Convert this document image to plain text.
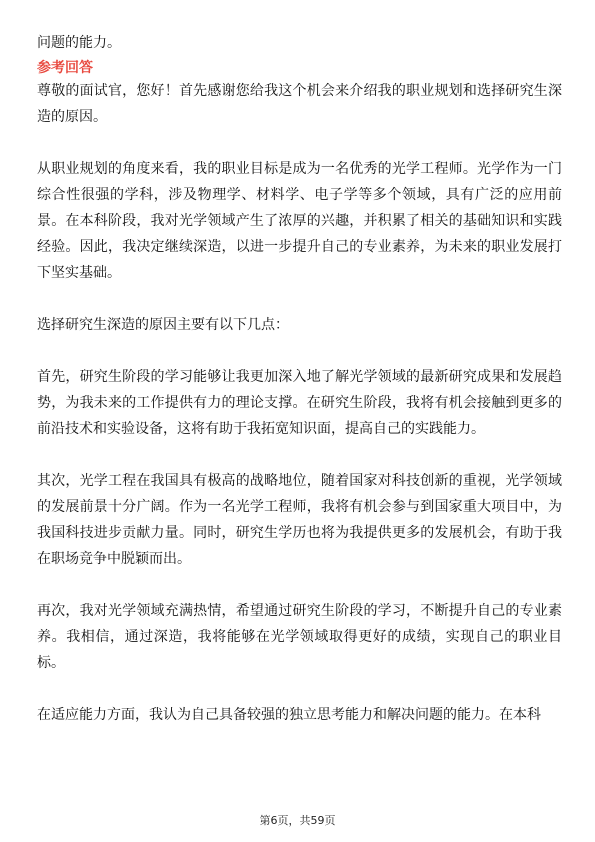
问题的能力。

参考回答

尊敬的面试官，您好！首先感谢您给我这个机会来介绍我的职业规划和选择研究生深造的原因。

从职业规划的角度来看，我的职业目标是成为一名优秀的光学工程师。光学作为一门综合性很强的学科，涉及物理学、材料学、电子学等多个领域，具有广泛的应用前景。在本科阶段，我对光学领域产生了浓厚的兴趣，并积累了相关的基础知识和实践经验。因此，我决定继续深造，以进一步提升自己的专业素养，为未来的职业发展打下坚实基础。

选择研究生深造的原因主要有以下几点：

首先，研究生阶段的学习能够让我更加深入地了解光学领域的最新研究成果和发展趋势，为我未来的工作提供有力的理论支撑。在研究生阶段，我将有机会接触到更多的前沿技术和实验设备，这将有助于我拓宽知识面，提高自己的实践能力。

其次，光学工程在我国具有极高的战略地位，随着国家对科技创新的重视，光学领域的发展前景十分广阔。作为一名光学工程师，我将有机会参与到国家重大项目中，为我国科技进步贡献力量。同时，研究生学历也将为我提供更多的发展机会，有助于我在职场竞争中脱颖而出。

再次，我对光学领域充满热情，希望通过研究生阶段的学习，不断提升自己的专业素养。我相信，通过深造，我将能够在光学领域取得更好的成绩，实现自己的职业目标。

在适应能力方面，我认为自己具备较强的独立思考能力和解决问题的能力。在本科

第6页，共59页
